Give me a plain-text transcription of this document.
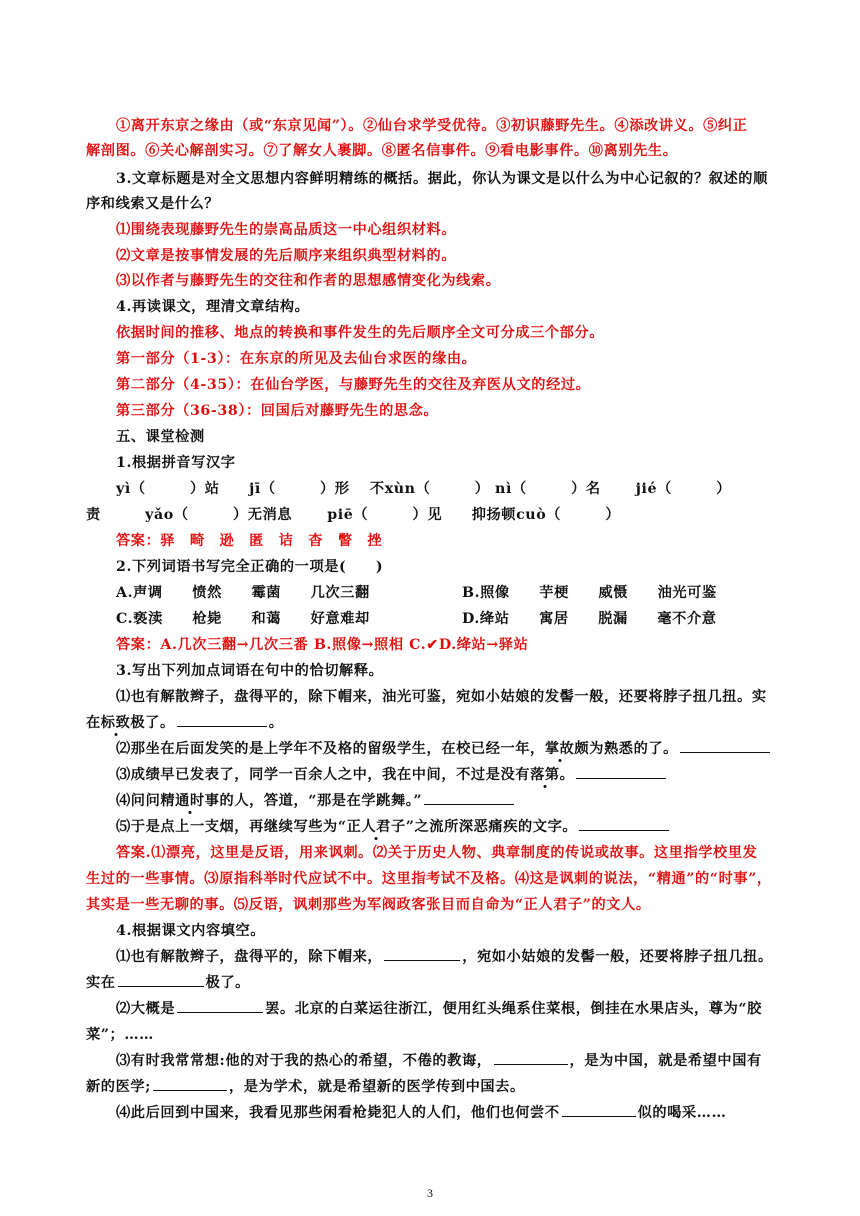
①离开东京之缘由（或“东京见闻”）。②仙台求学受优待。③初识藤野先生。④添改讲义。⑤纠正
解剖图。⑥关心解剖实习。⑦了解女人裹脚。⑧匿名信事件。⑨看电影事件。⑩离别先生。
3.文章标题是对全文思想内容鲜明精练的概括。据此，你认为课文是以什么为中心记叙的？叙述的顺
序和线索又是什么？
⑴围绕表现藤野先生的崇高品质这一中心组织材料。
⑵文章是按事情发展的先后顺序来组织典型材料的。
⑶以作者与藤野先生的交往和作者的思想感情变化为线索。
4.再读课文，理清文章结构。
依据时间的推移、地点的转换和事件发生的先后顺序全文可分成三个部分。
第一部分（1-3）：在东京的所见及去仙台求医的缘由。
第二部分（4-35）：在仙台学医，与藤野先生的交往及弃医从文的经过。
第三部分（36-38）：回国后对藤野先生的思念。
五、课堂检测
1.根据拼音写汉字
yì（　　　）站　　jī（　　　）形　 不xùn（　　　） nì（　　　）名　　 jié（　　　）
责　　　yǎo（　　　）无消息　　 piē（　　　）见　　抑扬顿cuò（　　　）
答案：驿　畸　逊　匿　诘　杳　瞥　挫
2.下列词语书写完全正确的一项是(　　)
A.声调　　愤然　　霉菌　　几次三翻	B.照像　　芋梗　　威慑　　油光可鉴
C.亵渎　　枪毙　　和蔼　　好意难却	D.绛站　　寓居　　脱漏　　毫不介意
答案：A.几次三翻→几次三番 B.照像→照相 C.✔D.绛站→驿站
3.写出下列加点词语在句中的恰切解释。
⑴也有解散辫子，盘得平的，除下帽来，油光可鉴，宛如小姑娘的发髻一般，还要将脖子扭几扭。实
在标致极了。	。
⑵那坐在后面发笑的是上学年不及格的留级学生，在校已经一年，掌故颇为熟悉的了。
⑶成绩早已发表了，同学一百余人之中，我在中间，不过是没有落第。
⑷问问精通时事的人，答道，“那是在学跳舞。”
⑸于是点上一支烟，再继续写些为“正人君子”之流所深恶痛疾的文字。
答案.⑴漂亮，这里是反语，用来讽刺。⑵关于历史人物、典章制度的传说或故事。这里指学校里发
生过的一些事情。⑶原指科举时代应试不中。这里指考试不及格。⑷这是讽刺的说法，“精通”的“时事”，
其实是一些无聊的事。⑸反语，讽刺那些为军阀政客张目而自命为“正人君子”的文人。
4.根据课文内容填空。
⑴也有解散辫子，盘得平的，除下帽来，	，宛如小姑娘的发髻一般，还要将脖子扭几扭。
实在	极了。
⑵大概是	罢。北京的白菜运往浙江，便用红头绳系住菜根，倒挂在水果店头，尊为“胶
菜”；……
⑶有时我常常想:他的对于我的热心的希望，不倦的教诲，	，是为中国，就是希望中国有
新的医学;	，是为学术，就是希望新的医学传到中国去。
⑷此后回到中国来，我看见那些闲看枪毙犯人的人们，他们也何尝不	似的喝采……
3
